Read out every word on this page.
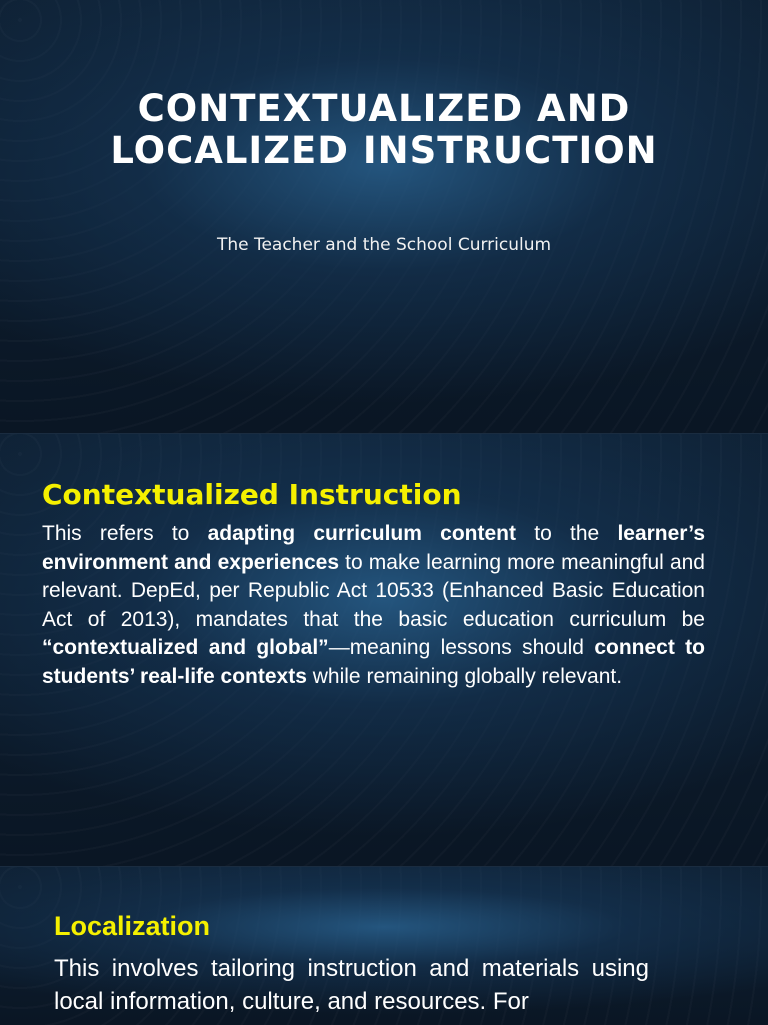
CONTEXTUALIZED AND
LOCALIZED INSTRUCTION
The Teacher and the School Curriculum
Contextualized Instruction
This refers to adapting curriculum content to the learner’s environment and experiences to make learning more meaningful and relevant. DepEd, per Republic Act 10533 (Enhanced Basic Education Act of 2013), mandates that the basic education curriculum be “contextualized and global”—meaning lessons should connect to students’ real-life contexts while remaining globally relevant.
Localization
This involves tailoring instruction and materials using local information, culture, and resources. For
